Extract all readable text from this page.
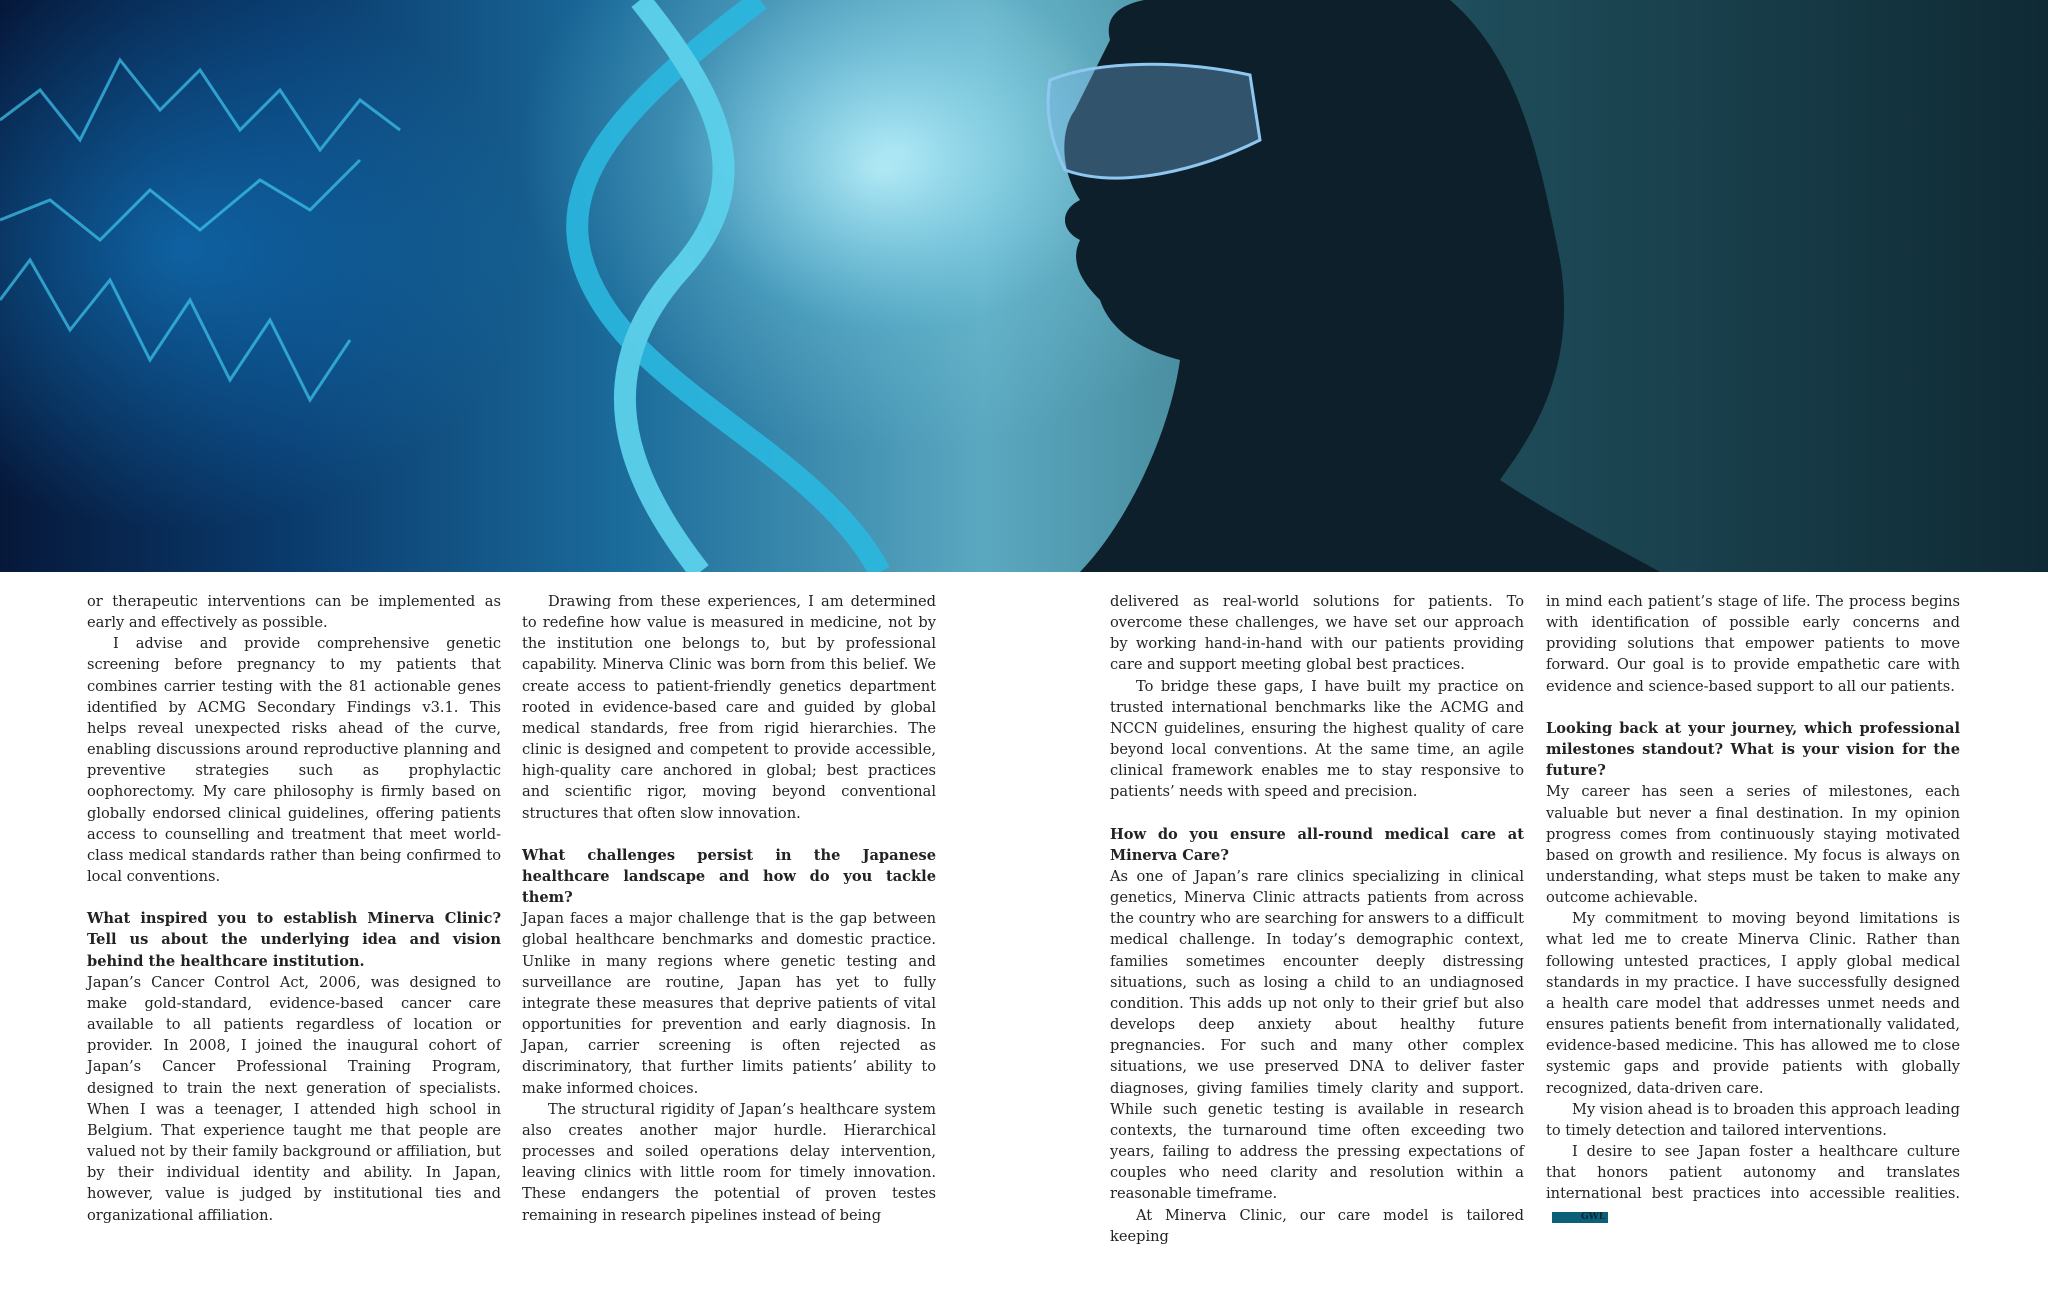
or therapeutic interventions can be implemented as early and effectively as possible.

I advise and provide comprehensive genetic screening before pregnancy to my patients that combines carrier testing with the 81 actionable genes identified by ACMG Secondary Findings v3.1. This helps reveal unexpected risks ahead of the curve, enabling discussions around reproductive planning and preventive strategies such as prophylactic oophorectomy. My care philosophy is firmly based on globally endorsed clinical guidelines, offering patients access to counselling and treatment that meet world-class medical standards rather than being confirmed to local conventions.

What inspired you to establish Minerva Clinic? Tell us about the underlying idea and vision behind the healthcare institution.

Japan’s Cancer Control Act, 2006, was designed to make gold-standard, evidence-based cancer care available to all patients regardless of location or provider. In 2008, I joined the inaugural cohort of Japan’s Cancer Professional Training Program, designed to train the next generation of specialists. When I was a teenager, I attended high school in Belgium. That experience taught me that people are valued not by their family background or affiliation, but by their individual identity and ability. In Japan, however, value is judged by institutional ties and organizational affiliation.

Drawing from these experiences, I am determined to redefine how value is measured in medicine, not by the institution one belongs to, but by professional capability. Minerva Clinic was born from this belief. We create access to patient-friendly genetics department rooted in evidence-based care and guided by global medical standards, free from rigid hierarchies. The clinic is designed and competent to provide accessible, high-quality care anchored in global; best practices and scientific rigor, moving beyond conventional structures that often slow innovation.

What challenges persist in the Japanese healthcare landscape and how do you tackle them?

Japan faces a major challenge that is the gap between global healthcare benchmarks and domestic practice. Unlike in many regions where genetic testing and surveillance are routine, Japan has yet to fully integrate these measures that deprive patients of vital opportunities for prevention and early diagnosis. In Japan, carrier screening is often rejected as discriminatory, that further limits patients’ ability to make informed choices.

The structural rigidity of Japan’s healthcare system also creates another major hurdle. Hierarchical processes and soiled operations delay intervention, leaving clinics with little room for timely innovation. These endangers the potential of proven testes remaining in research pipelines instead of being

delivered as real-world solutions for patients. To overcome these challenges, we have set our approach by working hand-in-hand with our patients providing care and support meeting global best practices.

To bridge these gaps, I have built my practice on trusted international benchmarks like the ACMG and NCCN guidelines, ensuring the highest quality of care beyond local conventions. At the same time, an agile clinical framework enables me to stay responsive to patients’ needs with speed and precision.

How do you ensure all-round medical care at Minerva Care?

As one of Japan’s rare clinics specializing in clinical genetics, Minerva Clinic attracts patients from across the country who are searching for answers to a difficult medical challenge. In today’s demographic context, families sometimes encounter deeply distressing situations, such as losing a child to an undiagnosed condition. This adds up not only to their grief but also develops deep anxiety about healthy future pregnancies. For such and many other complex situations, we use preserved DNA to deliver faster diagnoses, giving families timely clarity and support. While such genetic testing is available in research contexts, the turnaround time often exceeding two years, failing to address the pressing expectations of couples who need clarity and resolution within a reasonable timeframe.

At Minerva Clinic, our care model is tailored keeping

in mind each patient’s stage of life. The process begins with identification of possible early concerns and providing solutions that empower patients to move forward. Our goal is to provide empathetic care with evidence and science-based support to all our patients.

Looking back at your journey, which professional milestones standout? What is your vision for the future?

My career has seen a series of milestones, each valuable but never a final destination. In my opinion progress comes from continuously staying motivated based on growth and resilience. My focus is always on understanding, what steps must be taken to make any outcome achievable.

My commitment to moving beyond limitations is what led me to create Minerva Clinic. Rather than following untested practices, I apply global medical standards in my practice. I have successfully designed a health care model that addresses unmet needs and ensures patients benefit from internationally validated, evidence-based medicine. This has allowed me to close systemic gaps and provide patients with globally recognized, data-driven care.

My vision ahead is to broaden this approach leading to timely detection and tailored interventions.

I desire to see Japan foster a healthcare culture that honors patient autonomy and translates international best practices into accessible realities.GWL
